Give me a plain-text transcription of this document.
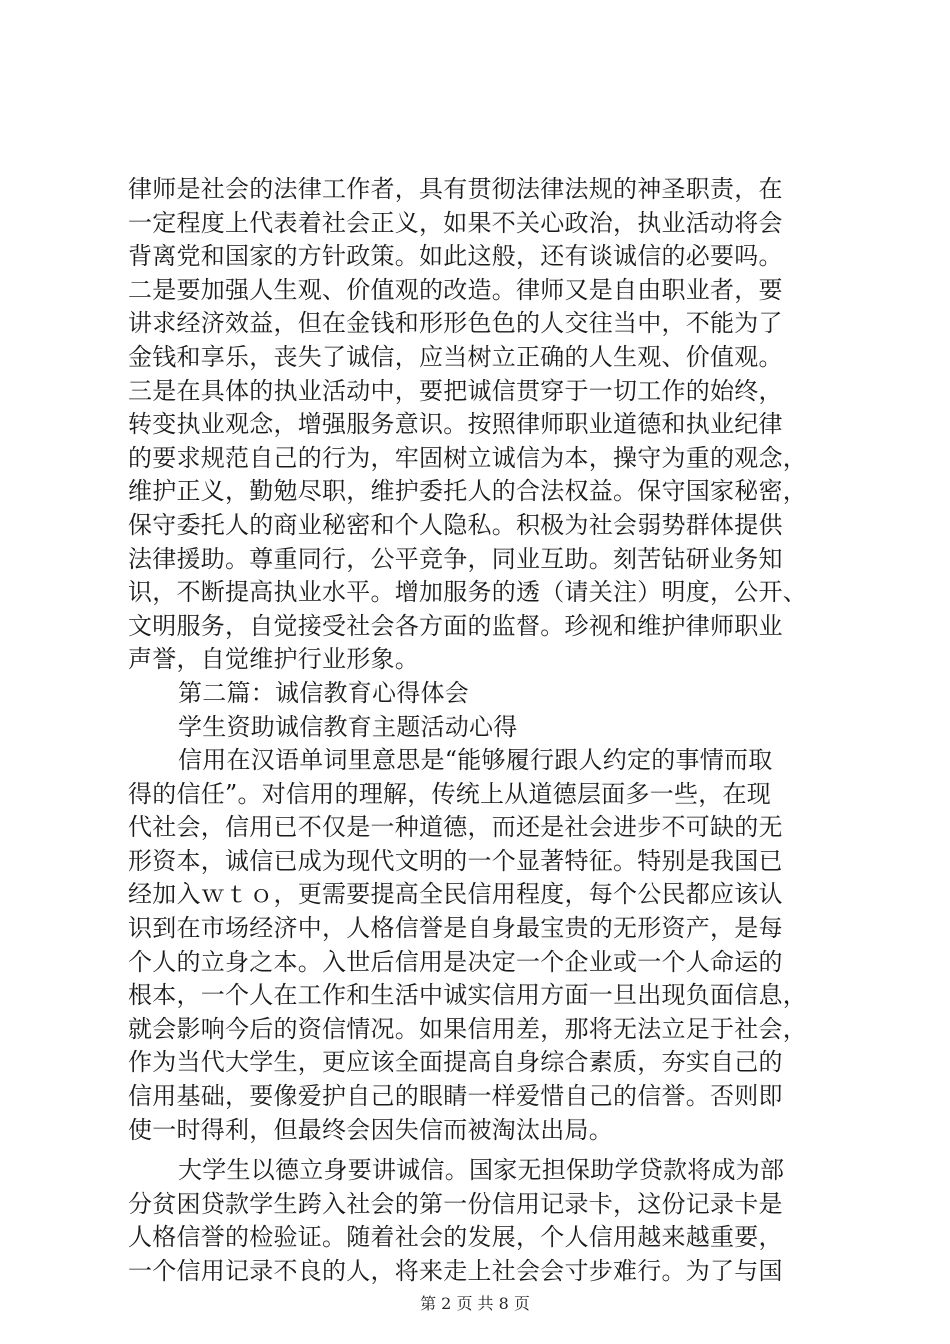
律师是社会的法律工作者，具有贯彻法律法规的神圣职责，在
一定程度上代表着社会正义，如果不关心政治，执业活动将会
背离党和国家的方针政策。如此这般，还有谈诚信的必要吗。
二是要加强人生观、价值观的改造。律师又是自由职业者，要
讲求经济效益，但在金钱和形形色色的人交往当中，不能为了
金钱和享乐，丧失了诚信，应当树立正确的人生观、价值观。
三是在具体的执业活动中，要把诚信贯穿于一切工作的始终，
转变执业观念，增强服务意识。按照律师职业道德和执业纪律
的要求规范自己的行为，牢固树立诚信为本，操守为重的观念，
维护正义，勤勉尽职，维护委托人的合法权益。保守国家秘密，
保守委托人的商业秘密和个人隐私。积极为社会弱势群体提供
法律援助。尊重同行，公平竞争，同业互助。刻苦钻研业务知
识，不断提高执业水平。增加服务的透（请关注）明度，公开、
文明服务，自觉接受社会各方面的监督。珍视和维护律师职业
声誉，自觉维护行业形象。
第二篇：诚信教育心得体会
学生资助诚信教育主题活动心得
信用在汉语单词里意思是“能够履行跟人约定的事情而取
得的信任”。对信用的理解，传统上从道德层面多一些，在现
代社会，信用已不仅是一种道德，而还是社会进步不可缺的无
形资本，诚信已成为现代文明的一个显著特征。特别是我国已
经加入ｗｔｏ，更需要提高全民信用程度，每个公民都应该认
识到在市场经济中，人格信誉是自身最宝贵的无形资产，是每
个人的立身之本。入世后信用是决定一个企业或一个人命运的
根本，一个人在工作和生活中诚实信用方面一旦出现负面信息，
就会影响今后的资信情况。如果信用差，那将无法立足于社会，
作为当代大学生，更应该全面提高自身综合素质，夯实自己的
信用基础，要像爱护自己的眼睛一样爱惜自己的信誉。否则即
使一时得利，但最终会因失信而被淘汰出局。
大学生以德立身要讲诚信。国家无担保助学贷款将成为部
分贫困贷款学生跨入社会的第一份信用记录卡，这份记录卡是
人格信誉的检验证。随着社会的发展，个人信用越来越重要，
一个信用记录不良的人，将来走上社会会寸步难行。为了与国
第 2 页 共 8 页
